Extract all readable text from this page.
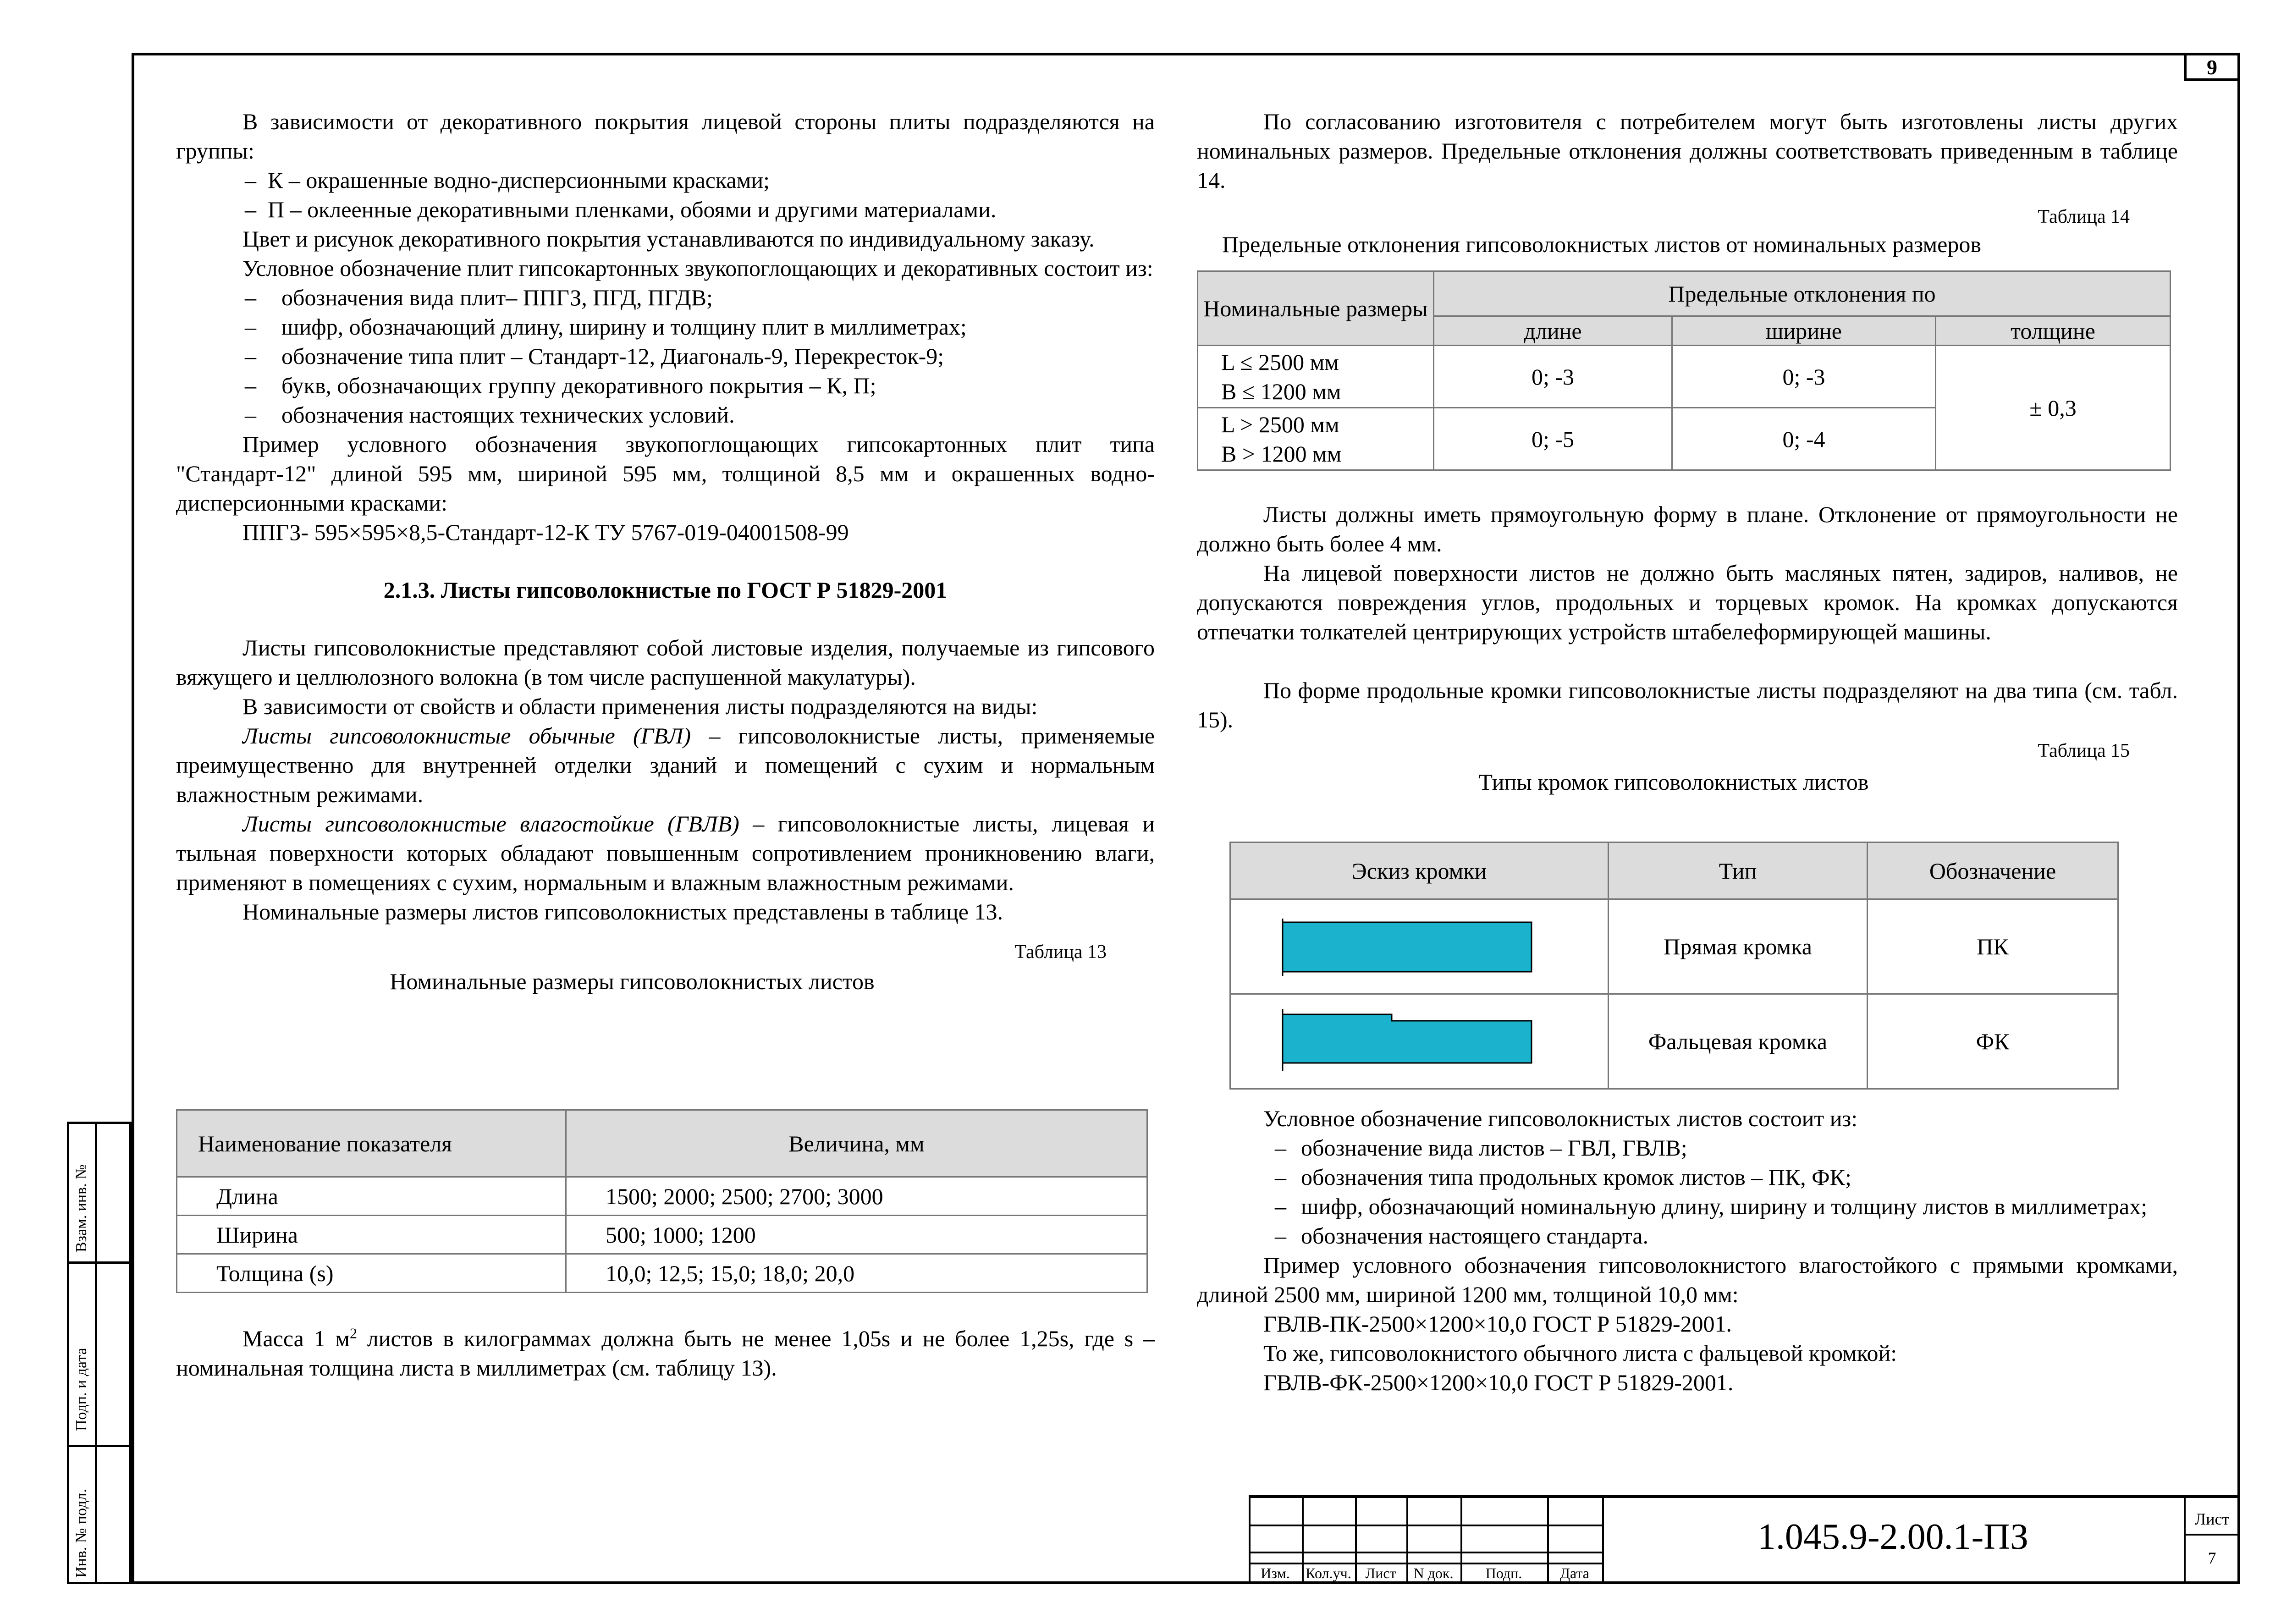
9
Взам. инв. №
Подп. и дата
Инв. № подл.

В зависимости от декоративного покрытия лицевой стороны плиты подразделяются на группы:

– К – окрашенные водно-дисперсионными красками;
– П – оклеенные декоративными пленками, обоями и другими материалами.

Цвет и рисунок декоративного покрытия устанавливаются по индивидуальному заказу.

Условное обозначение плит гипсокартонных звукопоглощающих и декоративных состоит из:

–	обозначения вида плит– ППГЗ, ПГД, ПГДВ;
–	шифр, обозначающий длину, ширину и толщину плит в миллиметрах;
–	обозначение типа плит – Стандарт-12, Диагональ-9, Перекресток-9;
–	букв, обозначающих группу декоративного покрытия – К, П;
–	обозначения настоящих технических условий.

Пример условного обозначения звукопоглощающих гипсокартонных плит типа "Стандарт-12" длиной 595 мм, шириной 595 мм, толщиной 8,5 мм и окрашенных водно-дисперсионными красками:

ППГЗ- 595×595×8,5-Стандарт-12-К ТУ 5767-019-04001508-99

2.1.3. Листы гипсоволокнистые по ГОСТ Р 51829-2001

Листы гипсоволокнистые представляют собой листовые изделия, получаемые из гипсового вяжущего и целлюлозного волокна (в том числе распушенной макулатуры).

В зависимости от свойств и области применения листы подразделяются на виды:

Листы гипсоволокнистые обычные (ГВЛ) – гипсоволокнистые листы, применяемые преимущественно для внутренней отделки зданий и помещений с сухим и нормальным влажностным режимами.

Листы гипсоволокнистые влагостойкие (ГВЛВ) – гипсоволокнистые листы, лицевая и тыльная поверхности которых обладают повышенным сопротивлением проникновению влаги, применяют в помещениях с сухим, нормальным и влажным влажностным режимами.

Номинальные размеры листов гипсоволокнистых представлены в таблице 13.

Таблица 13

Номинальные размеры гипсоволокнистых листов

Наименование показателя	Величина, мм
Длина	1500; 2000; 2500; 2700; 3000
Ширина	500; 1000; 1200
Толщина (s)	10,0; 12,5; 15,0; 18,0; 20,0

Масса 1 $м^2$ листов в килограммах должна быть не менее 1,05s и не более 1,25s, где s – номинальная толщина листа в миллиметрах (см. таблицу 13).

По согласованию изготовителя с потребителем могут быть изготовлены листы других номинальных размеров. Предельные отклонения должны соответствовать приведенным в таблице 14.

Таблица 14

Предельные отклонения гипсоволокнистых листов от номинальных размеров

Номинальные размеры	Предельные отклонения по		
	длине	ширине	толщине

L ≤ 2500 мм
B ≤ 1200 мм	0; -3	0; -3	± 0,3

L > 2500 мм
B > 1200 мм	0; -5	0; -4	

Листы должны иметь прямоугольную форму в плане. Отклонение от прямоугольности не должно быть более 4 мм.

На лицевой поверхности листов не должно быть масляных пятен, задиров, наливов, не допускаются повреждения углов, продольных и торцевых кромок. На кромках допускаются отпечатки толкателей центрирующих устройств штабелеформирующей машины.

По форме продольные кромки гипсоволокнистые листы подразделяют на два типа (см. табл. 15).

Таблица 15

Типы кромок гипсоволокнистых листов

Эскиз кромки	Тип	Обозначение
	Прямая кромка	ПК
	Фальцевая кромка	ФК

Условное обозначение гипсоволокнистых листов состоит из:

– обозначение вида листов – ГВЛ, ГВЛВ;
– обозначения типа продольных кромок листов – ПК, ФК;
– шифр, обозначающий номинальную длину, ширину и толщину листов в миллиметрах;
– обозначения настоящего стандарта.

Пример условного обозначения гипсоволокнистого влагостойкого с прямыми кромками, длиной 2500 мм, шириной 1200 мм, толщиной 10,0 мм:

ГВЛВ-ПК-2500×1200×10,0 ГОСТ Р 51829-2001.

То же, гипсоволокнистого обычного листа с фальцевой кромкой:

ГВЛВ-ФК-2500×1200×10,0 ГОСТ Р 51829-2001.

Изм.	Кол.уч. Лист	N док.	Подп.	Дата
1.045.9-2.00.1-ПЗ	Лист
7
